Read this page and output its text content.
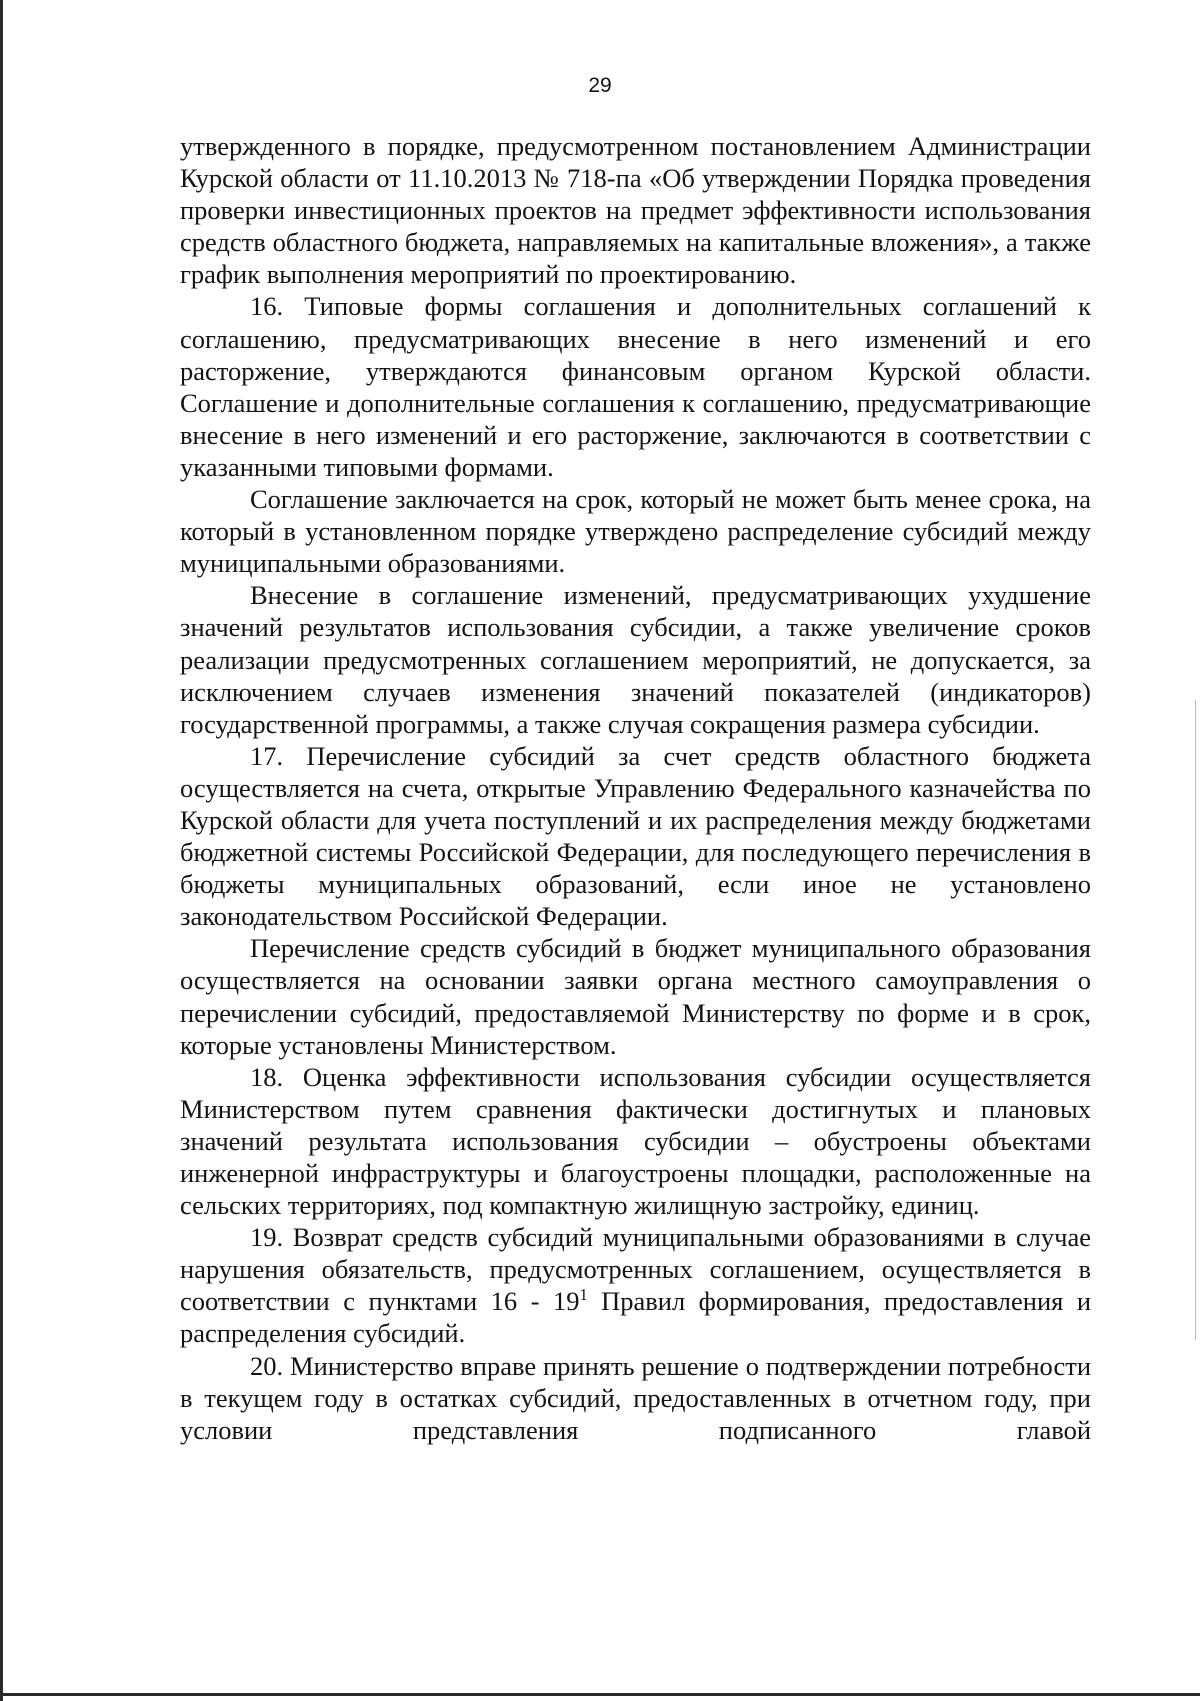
29

утвержденного в порядке, предусмотренном постановлением Администрации Курской области от 11.10.2013 № 718-па «Об утверждении Порядка проведения проверки инвестиционных проектов на предмет эффективности использования средств областного бюджета, направляемых на капитальные вложения», а также график выполнения мероприятий по проектированию.

16. Типовые формы соглашения и дополнительных соглашений к соглашению, предусматривающих внесение в него изменений и его расторжение, утверждаются финансовым органом Курской области. Соглашение и дополнительные соглашения к соглашению, предусматривающие внесение в него изменений и его расторжение, заключаются в соответствии с указанными типовыми формами.

Соглашение заключается на срок, который не может быть менее срока, на который в установленном порядке утверждено распределение субсидий между муниципальными образованиями.

Внесение в соглашение изменений, предусматривающих ухудшение значений результатов использования субсидии, а также увеличение сроков реализации предусмотренных соглашением мероприятий, не допускается, за исключением случаев изменения значений показателей (индикаторов) государственной программы, а также случая сокращения размера субсидии.

17. Перечисление субсидий за счет средств областного бюджета осуществляется на счета, открытые Управлению Федерального казначейства по Курской области для учета поступлений и их распределения между бюджетами бюджетной системы Российской Федерации, для последующего перечисления в бюджеты муниципальных образований, если иное не установлено законодательством Российской Федерации.

Перечисление средств субсидий в бюджет муниципального образования осуществляется на основании заявки органа местного самоуправления о перечислении субсидий, предоставляемой Министерству по форме и в срок, которые установлены Министерством.

18. Оценка эффективности использования субсидии осуществляется Министерством путем сравнения фактически достигнутых и плановых значений результата использования субсидии – обустроены объектами инженерной инфраструктуры и благоустроены площадки, расположенные на сельских территориях, под компактную жилищную застройку, единиц.

19. Возврат средств субсидий муниципальными образованиями в случае нарушения обязательств, предусмотренных соглашением, осуществляется в соответствии с пунктами $16 - 19^1$ Правил формирования, предоставления и распределения субсидий.

20. Министерство вправе принять решение о подтверждении потребности в текущем году в остатках субсидий, предоставленных в отчетном году, при условии представления подписанного главой
